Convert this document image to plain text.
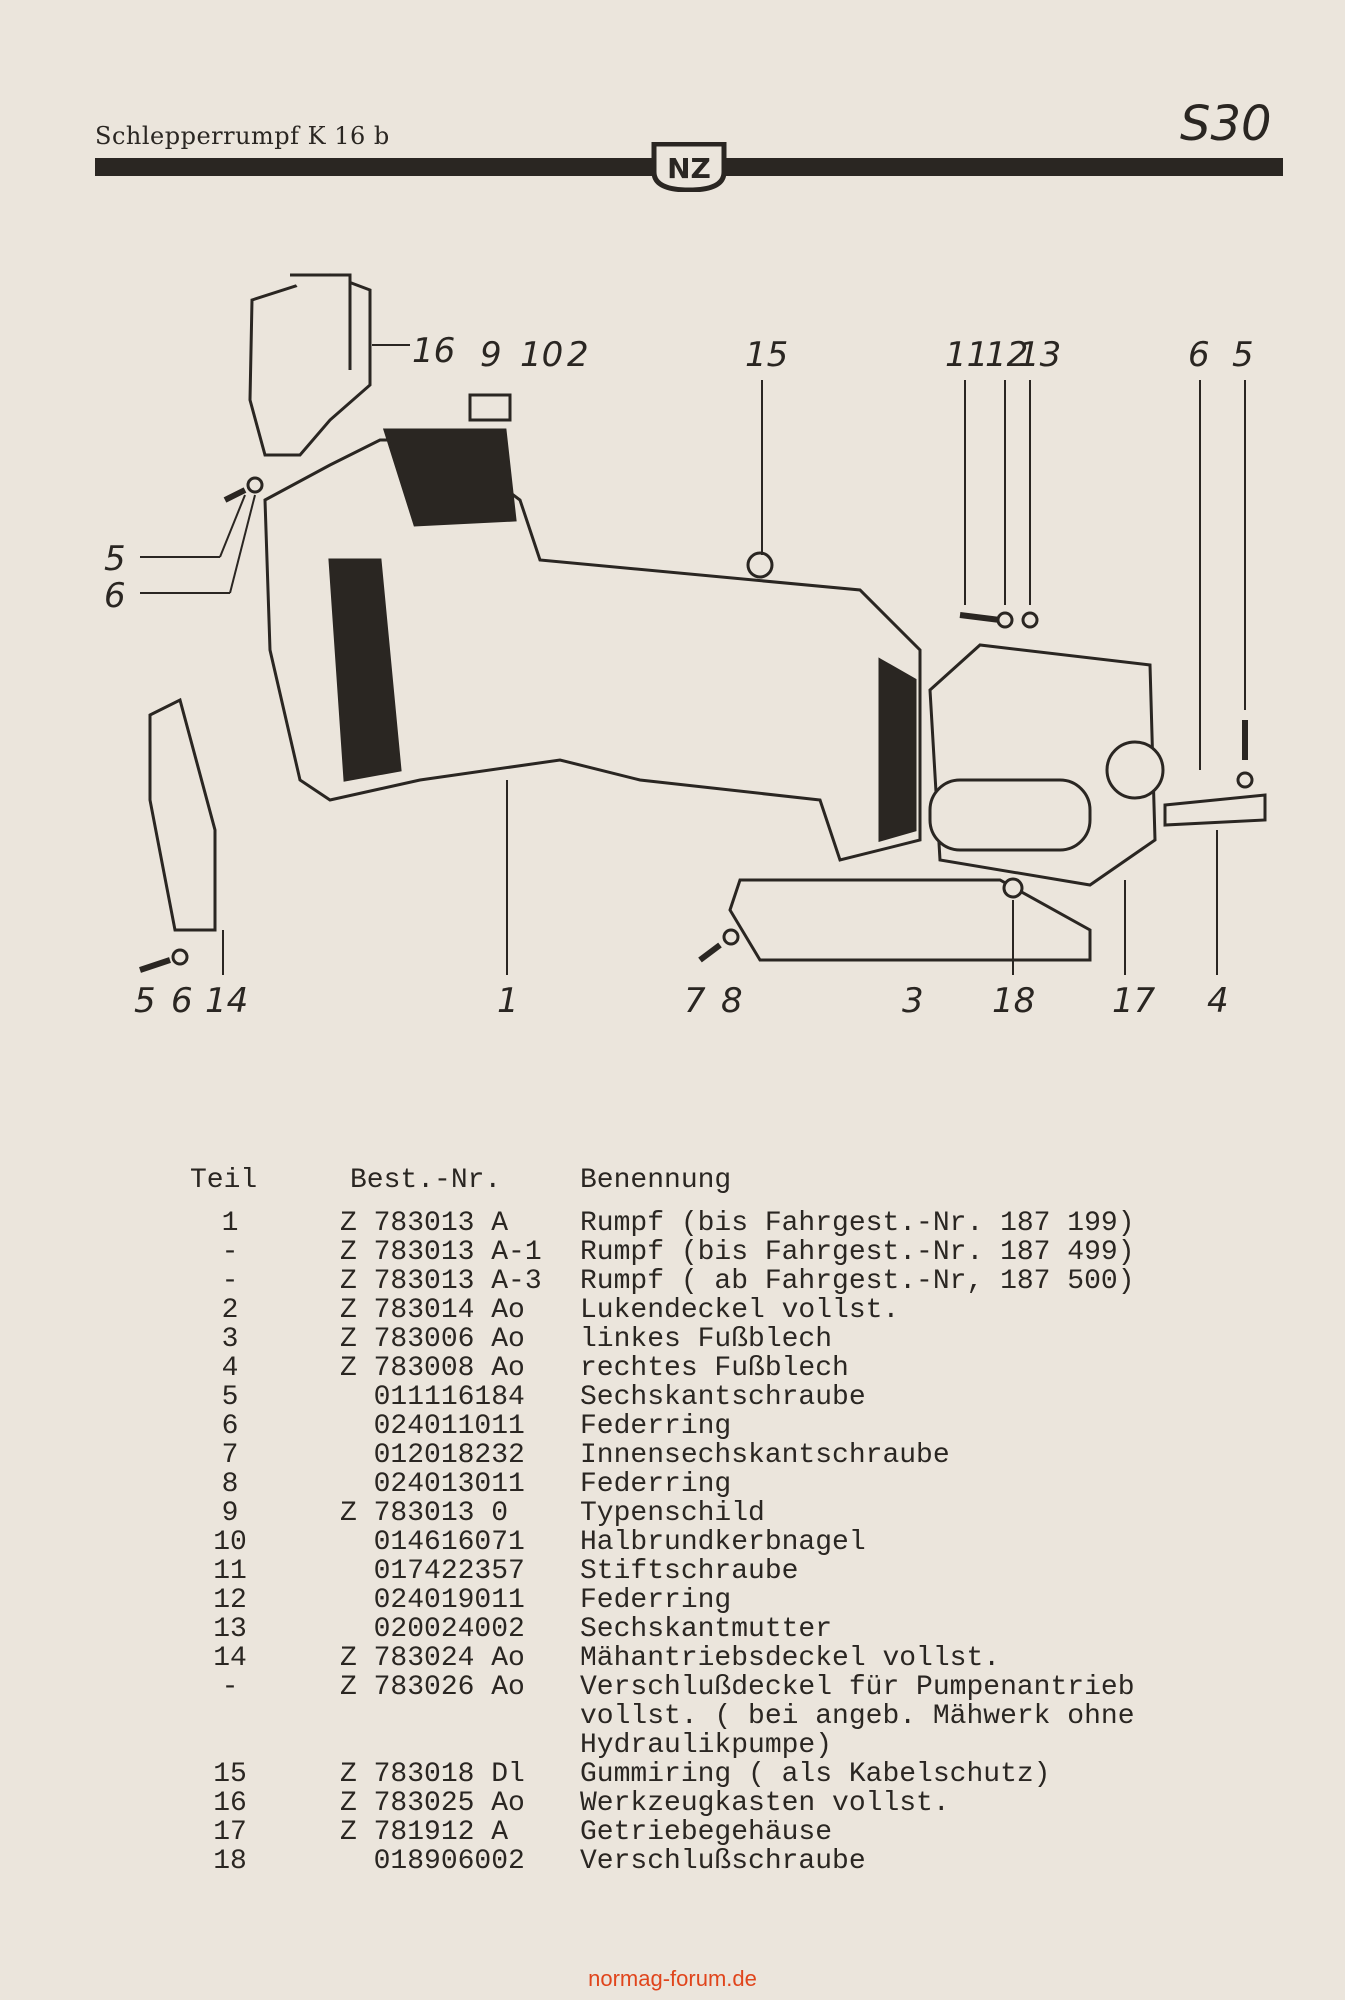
Schlepperrumpf K 16 b	S30
NZ
16 9 10 2	15	11
12
13	6 5
5
6
5 6 14	1	7 8	3 18 17 4
Teil	Best.-Nr.	Benennung
1	Z 783013 A	Rumpf (bis Fahrgest.-Nr. 187 199)
-	Z 783013 A-1	Rumpf (bis Fahrgest.-Nr. 187 499)
-	Z 783013 A-3	Rumpf ( ab Fahrgest.-Nr, 187 500)
2	Z 783014 Ao	Lukendeckel vollst.
3	Z 783006 Ao	linkes Fußblech
4	Z 783008 Ao	rechtes Fußblech
5	011116184	Sechskantschraube
6	024011011	Federring
7	012018232	Innensechskantschraube
8	024013011	Federring
9	Z 783013 0	Typenschild
10	014616071	Halbrundkerbnagel
11	017422357	Stiftschraube
12	024019011	Federring
13	020024002	Sechskantmutter
14	Z 783024 Ao	Mähantriebsdeckel vollst.
-	Z 783026 Ao	Verschlußdeckel für Pumpenantrieb
vollst. ( bei angeb. Mähwerk ohne
Hydraulikpumpe)
15	Z 783018 Dl	Gummiring ( als Kabelschutz)
16	Z 783025 Ao	Werkzeugkasten vollst.
17	Z 781912 A	Getriebegehäuse
18	018906002	Verschlußschraube
normag-forum.de
